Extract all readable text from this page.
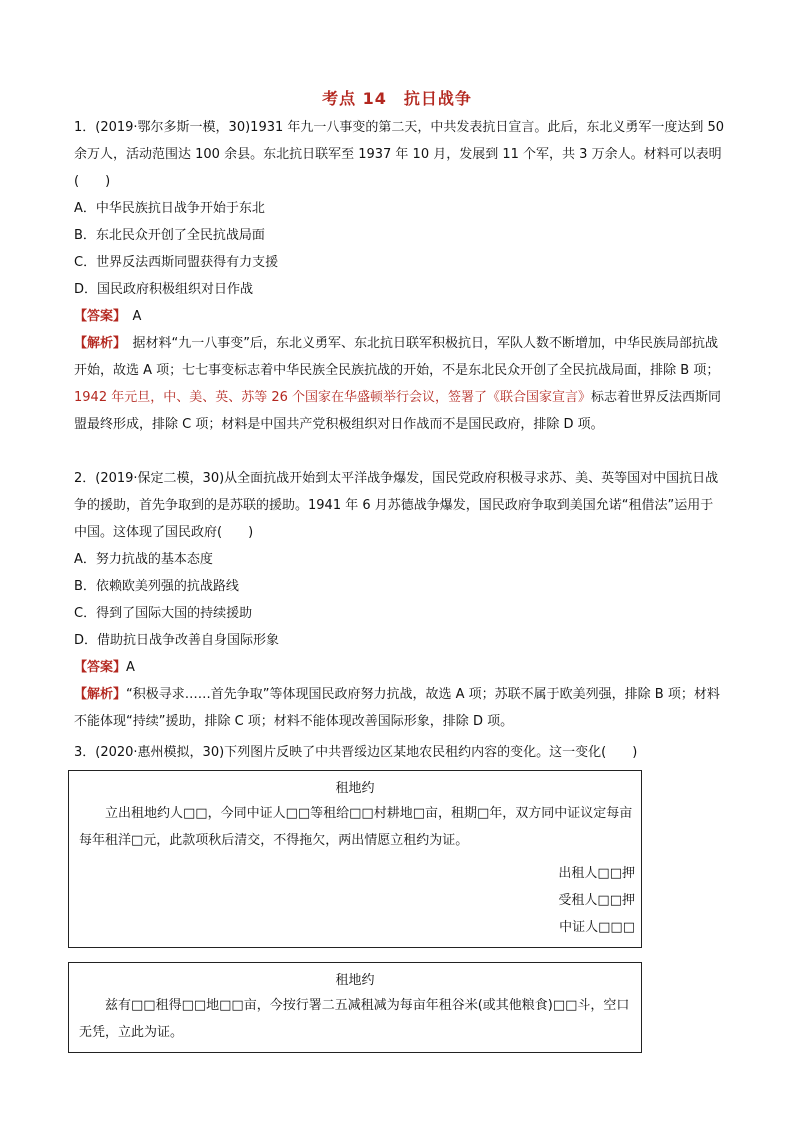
考点 14　抗日战争

1．(2019·鄂尔多斯一模，30)1931 年九一八事变的第二天，中共发表抗日宣言。此后，东北义勇军一度达到 50 余万人，活动范围达 100 余县。东北抗日联军至 1937 年 10 月，发展到 11 个军，共 3 万余人。材料可以表明(　　)

A．中华民族抗日战争开始于东北

B．东北民众开创了全民抗战局面

C．世界反法西斯同盟获得有力支援

D．国民政府积极组织对日作战

【答案】　A

【解析】　据材料“九一八事变”后，东北义勇军、东北抗日联军积极抗日，军队人数不断增加，中华民族局部抗战开始，故选 A 项；七七事变标志着中华民族全民族抗战的开始，不是东北民众开创了全民抗战局面，排除 B 项；1942 年元旦，中、美、英、苏等 26 个国家在华盛顿举行会议，签署了《联合国家宣言》标志着世界反法西斯同盟最终形成，排除 C 项；材料是中国共产党积极组织对日作战而不是国民政府，排除 D 项。

2．(2019·保定二模，30)从全面抗战开始到太平洋战争爆发，国民党政府积极寻求苏、美、英等国对中国抗日战争的援助，首先争取到的是苏联的援助。1941 年 6 月苏德战争爆发，国民政府争取到美国允诺“租借法”运用于中国。这体现了国民政府(　　)

A．努力抗战的基本态度

B．依赖欧美列强的抗战路线

C．得到了国际大国的持续援助

D．借助抗日战争改善自身国际形象

【答案】A

【解析】“积极寻求……首先争取”等体现国民政府努力抗战，故选 A 项；苏联不属于欧美列强，排除 B 项；材料不能体现“持续”援助，排除 C 项；材料不能体现改善国际形象，排除 D 项。

3．(2020·惠州模拟，30)下列图片反映了中共晋绥边区某地农民租约内容的变化。这一变化(　　)

租地约
　　立出租地约人□□，今同中证人□□等租给□□村耕地□亩，租期□年，双方同中证议定每亩每年租洋□元，此款项秋后清交，不得拖欠，两出情愿立租约为证。
出租人□□押
受租人□□押
中证人□□□
租地约
　　兹有□□租得□□地□□亩，今按行署二五减租减为每亩年租谷米(或其他粮食)□□斗，空口无凭，立此为证。
